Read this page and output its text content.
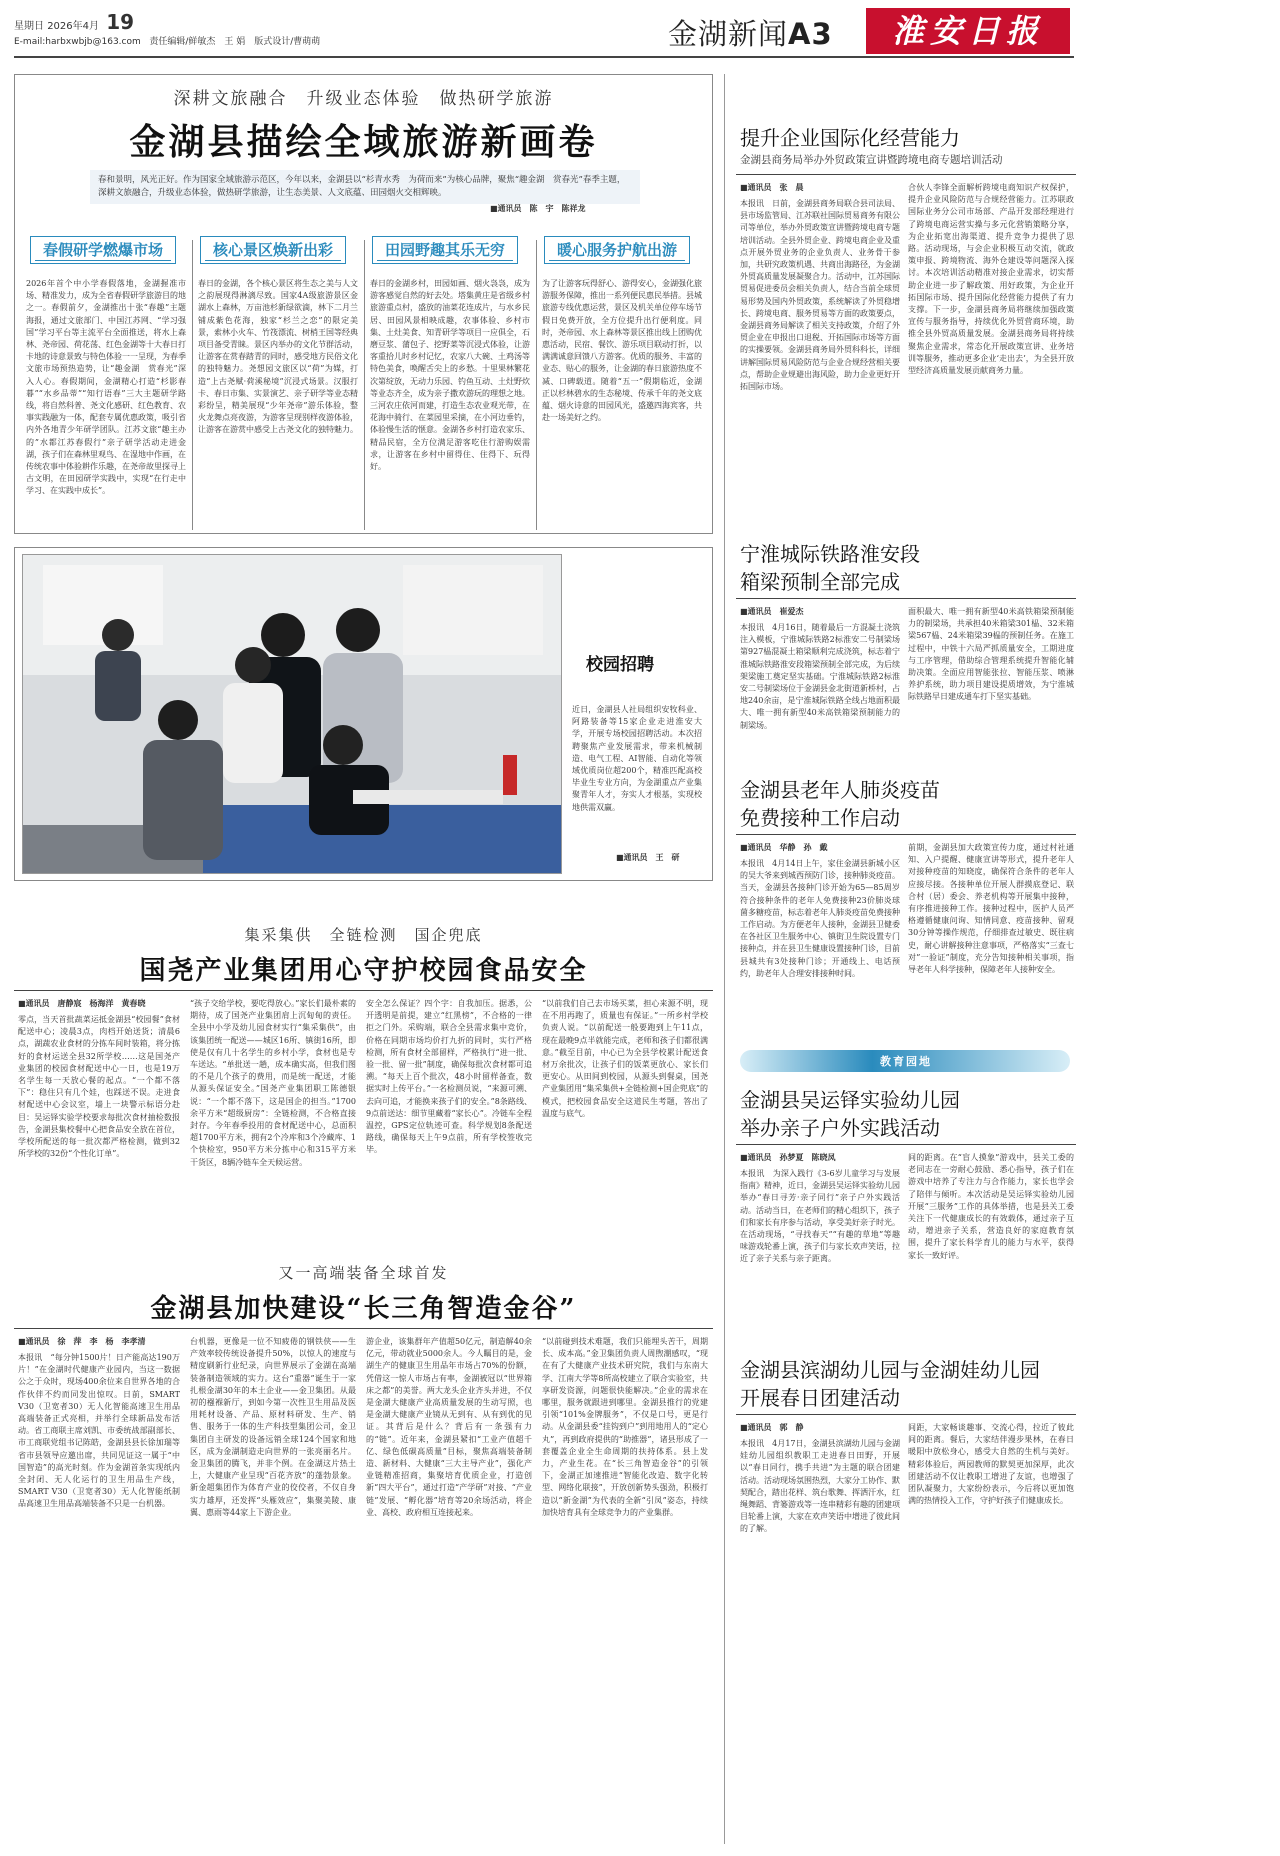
星期日 2026年4月 19
E-mail:harbxwbjb@163.com 责任编辑/鲜敏杰　王 娟　版式设计/曹萌萌	金湖新闻A3	淮安日报
深耕文旅融合　升级业态体验　做热研学旅游
金湖县描绘全域旅游新画卷
春和景明，风光正好。作为国家全域旅游示范区，今年以来，金湖县以“杉青水秀　为荷而来”为核心品牌，聚焦“趣金湖　赏春光”春季主题，深耕文旅融合，升级业态体验，做热研学旅游，让生态美景、人文底蕴、田园烟火交相辉映。
■通讯员　陈　宇　陈祥龙
春假研学燃爆市场	核心景区焕新出彩	田园野趣其乐无穷	暖心服务护航出游
2026年首个中小学春假落地，金湖握准市场、精准发力，成为全省春假研学旅游目的地之一。春假前夕，金湖推出十张“春趣”主题海报，通过文旅部门、中国江苏网、“学习强国”学习平台等主流平台全面推送，将水上森林、尧帝园、荷花荡、红色金湖等十大春日打卡地的诗意景致与特色体验一一呈现，为春季文旅市场预热造势，让“趣金湖　赏春光”深入人心。春假期间，金湖精心打造“杉影春暮”“水乡品蒂”“知行语春”三大主题研学路线，将自然科普、尧文化感研、红色教育、农事实践融为一体，配套专属优惠政策，吸引省内外各地青少年研学团队。江苏文旅“趣主办的”水都江苏春假行”亲子研学活动走进金湖，孩子们在森林里观鸟、在湿地中作画，在传统农事中体验耕作乐趣，在尧帝故里探寻上古文明，在田园研学实践中，实现“在行走中学习、在实践中成长”。
春日的金湖，各个核心景区将生态之美与人文之韵展现得淋漓尽致。国家4A级旅游景区金湖水上森林，万亩池杉新绿欲滴，林下二月兰铺成紫色花海，独家“杉兰之恋”的限定美景，索林小火车、竹筏漂流、树梢王国等经典项目备受青睐。景区内举办的文化节群活动，让游客在赏春踏青的同时，感受地方民俗文化的独特魅力。尧想园文旅区以“荷”为媒，打造“上古尧赋·荷溪秘境”沉浸式场景。汉服打卡、春日市集、实景演艺、亲子研学等业态精彩纷呈，精美展现“少年尧帝”游乐体验，整火龙舞点亮夜游，为游客呈现别样夜游体验，让游客在游赏中感受上古尧文化的独特魅力。
春日的金湖乡村，田园如画、烟火袅袅，成为游客感觉自然的好去处。塔集黄庄是省级乡村旅游重点村，盛放的油菜花连成片，与水乡民居、田园风景相映成趣，农事体验、乡村市集、土灶美食、知青研学等项目一应俱全，石磨豆浆、蒲包子、挖野菜等沉浸式体验，让游客重拾儿时乡村记忆，农家八大碗、土鸡汤等特色美食，唤醒舌尖上的乡愁。十里果林繁花次第绽放，无动力乐园、钓鱼互动、土灶野炊等业态齐全，成为亲子撒欢游玩的理想之地。三河农庄依河而建，打造生态农业观光带，在花海中骑行、在菜园里采摘，在小河边垂钓，体验慢生活的惬意。金湖各乡村打造农家乐、精品民宿，全方位满足游客吃住行游购娱需求，让游客在乡村中留得住、住得下、玩得好。
为了让游客玩得舒心、游得安心，金湖强化旅游服务保障，推出一系列便民惠民举措。县城旅游专线优惠运营，景区及机关单位停车场节假日免费开放，全方位提升出行便利度。同时，尧帝园、水上森林等景区推出线上团购优惠活动，民宿、餐饮、游乐项目联动打折，以满满诚意回馈八方游客。优质的服务、丰富的业态、贴心的服务，让金湖的春日旅游热度不减、口碑载道。随着“五一”假期临近，金湖正以杉林碧水的生态秘境、传承千年的尧文底蕴、烟火诗意的田园风光，盛邀四海宾客，共赴一场美好之约。
校园招聘
近日，金湖县人社局组织安牧科业、阿路装备等15家企业走进淮安大学，开展专场校园招聘活动。本次招聘聚焦产业发展需求，带来机械制造、电气工程、AI智能、自动化等领域优质岗位超200个，精准匹配高校毕业生专业方向，为金湖重点产业集聚青年人才，夯实人才根基，实现校地供需双赢。
■通讯员　王　研
集采集供　全链检测　国企兜底
国尧产业集团用心守护校园食品安全
■通讯员　唐静宸　杨海洋　黄春晓
零点，当天首批蔬菜运抵金湖县“校园餐”食材配送中心；凌晨3点，肉档开始送货；清晨6点，湖蔬农业食材的分拣车间时装箱，将分拣好的食材运送全县32所学校……这是国尧产业集团的校园食材配送中心一日，也是19万名学生每一天放心餐的起点。“一个都不落下”：稳住只有几个娃，也踩送不误。走进食材配送中心会议室，墙上一块警示标语分赴目：吴运铎实验学校要求每批次食材抽检数报告，金湖县集校餐中心把食品安全放在首位，学校所配送的每一批次都严格检测，做到32所学校的32份“个性化订单”。
“孩子交给学校，要吃得放心。”家长们最朴素的期待，成了国尧产业集团肩上沉甸甸的责任。全县中小学及幼儿园食材实行“集采集供”，由该集团统一配送——城区16所、镇街16所，即使是仅有几十名学生的乡村小学，食材也是专车送达。“单批送一趟，成本确实高，但我们图的不是几个孩子的费用，而是统一配送，才能从源头保证安全。”国尧产业集团职工陈德银说：“一个都不落下，这是国企的担当。”1700余平方米“超级厨房”：全链检测，不合格直接封存。今年春季投用的食材配送中心，总面积超1700平方米，拥有2个冷库和3个冷藏库、1个快检室，950平方米分拣中心和315平方米干货区，8辆冷链车全天候运营。
安全怎么保证？四个字：自我加压。据悉，公开透明是前提，建立“红黑榜”，不合格的一律拒之门外。采购端，联合全县需求集中竞价，价格在同期市场均价打九折的同时，实行严格检测，所有食材全部留样，严格执行“进一批、验一批、留一批”制度，确保每批次食材都可追溯。“每天上百个批次，48小时留样备查，数据实时上传平台。”一名检测员说，“来源可溯、去向可追，才能换来孩子们的安全。”8条路线、9点前送达：细节里藏着“家长心”。冷链车全程温控，GPS定位轨迹可查。科学规划8条配送路线，确保每天上午9点前，所有学校签收完毕。
“以前我们自己去市场买菜，担心来源不明，现在不用再跑了，质量也有保证。”一所乡村学校负责人说。“以前配送一般要跑到上午11点，现在最晚9点半就能完成，老师和孩子们都很满意。”截至目前，中心已为全县学校累计配送食材万余批次，让孩子们的饭菜更放心、家长们更安心。从田间到校园，从源头到餐桌，国尧产业集团用“集采集供+全链检测+国企兜底”的模式，把校园食品安全这道民生考题，答出了温度与底气。
又一高端装备全球首发
金湖县加快建设“长三角智造金谷”
■通讯员　徐　萍　李　杨　李孝清
本报讯　“每分钟1500片！日产能高达190万片！”在金湖时代健康产业园内，当这一数据公之于众时，现场400余位来自世界各地的合作伙伴不约而同发出惊叹。日前，SMART V30（卫宽者30）无人化智能高速卫生用品高端装备正式亮相，并举行全球新品发布活动。省工商联主席刘凯、市委统战部副部长、市工商联党组书记陈皓，金湖县县长徐加瑞等省市县领导应邀出席，共同见证这一属于“中国智造”的高光时刻。作为金湖首条实现纸内全封闭、无人化运行的卫生用品生产线，SMART V30（卫宽者30）无人化智能纸制品高速卫生用品高端装备不只是一台机器。
台机器，更像是一位不知疲倦的钢铁侠——生产效率较传统设备提升50%，以惊人的速度与精度刷新行业纪录，向世界展示了金湖在高端装备制造领域的实力。这台“重器”诞生于一家扎根金湖30年的本土企业——金卫集团。从最初的襁褓新厅，到如今第一次性卫生用品及医用耗材设备、产品、原材料研发、生产、销售、服务于一体的生产科技型集团公司，金卫集团自主研发的设备远销全球124个国家和地区，成为金湖制造走向世界的一张亮丽名片。金卫集团的腾飞，并非个例。在金湖这片热土上，大健康产业呈现“百花齐放”的蓬勃景象。新金超集团作为体育产业的佼佼者，不仅自身实力雄厚，还发挥“头雁效应”，集聚美陵、康翼、惠雨等44家上下游企业。
游企业，该集群年产值超50亿元，制造解40余亿元，带动就业5000余人。今人瞩目的是，金湖生产的健康卫生用品年市场占70%的份额，凭借这一惊人市场占有率，金湖被冠以“世界箱床之都”的美誉。两大龙头企业齐头并进，不仅是金湖大健康产业高质量发展的生动写照，也是金湖大健康产业镜从无到有、从有到优的见证。其背后是什么？背后有一条强有力的“链”。近年来，金湖县紧扣“工业产值超千亿、绿色低碳高质量”目标，聚焦高端装备制造、新材料、大健康“三大主导产业”，强化产业链精准招商，集聚培育优质企业，打造创新“四大平台”，通过打造“产学研”对接、“产业链”发展、“孵化器”培育等20余场活动，将企业、高校、政府相互连接起来。
“以前碰到技术难题，我们只能埋头苦干，周期长、成本高。”金卫集团负责人周煦潮感叹，“现在有了大健康产业技术研究院，我们与东南大学、江南大学等8所高校建立了联合实验室，共享研发资源，问题很快能解决。”企业的需求在哪里，服务就跟进到哪里。金湖县推行的党建引领“101%金牌服务”，不仅是口号，更是行动。从金湖县委“挂钩到户”到用地用人的“定心丸”，再到政府提供的“助推器”，诸县形成了一套覆盖企业全生命周期的扶持体系。县上发力，产业生花。在“长三角智造金谷”的引领下，金湖正加速推进“智能化改造、数字化转型、网络化联接”，开放创新势头强劲，积极打造以“新金湖”为代表的全新“引凤”姿态，持续加快培育具有全球竞争力的产业集群。
提升企业国际化经营能力
金湖县商务局举办外贸政策宣讲暨跨境电商专题培训活动
■通讯员　张　晨
本报讯　日前，金湖县商务局联合县司法局、县市场监管局、江苏联社国际贸易商务有限公司等单位，举办外贸政策宣讲暨跨境电商专题培训活动。全县外贸企业、跨境电商企业及重点开展外贸业务的企业负责人、业务骨干参加，共研究政策机遇、共商出海路径，为金湖外贸高质量发展凝聚合力。活动中，江苏国际贸易促进委员会相关负责人，结合当前全球贸易形势及国内外贸政策，系统解读了外贸稳增长、跨境电商、服务贸易等方面的政策要点，金湖县商务局解读了相关支持政策，介绍了外贸企业在申报出口退税、开拓国际市场等方面的实操要领。金湖县商务局外贸科科长，详细讲解国际贸易风险防范与企业合规经营相关要点，帮助企业规避出海风险，助力企业更好开拓国际市场。
合伙人李锋全面解析跨境电商知识产权保护，提升企业风险防范与合规经营能力。江苏联政国际业务分公司市场部、产品开发部经理进行了跨境电商运营实操与多元化营销策略分享，为企业拓宽出海渠道、提升竞争力提供了思路。活动现场，与会企业积极互动交流，就政策申报、跨境物流、海外仓建设等问题深入探讨。本次培训活动精准对接企业需求，切实帮助企业进一步了解政策、用好政策，为企业开拓国际市场、提升国际化经营能力提供了有力支撑。下一步，金湖县商务局将继续加强政策宣传与服务指导，持续优化外贸营商环境，助推全县外贸高质量发展。金湖县商务局将持续聚焦企业需求，常态化开展政策宣讲、业务培训等服务，推动更多企业‘走出去’，为全县开放型经济高质量发展贡献商务力量。
宁淮城际铁路淮安段
箱梁预制全部完成
■通讯员　崔爱杰
本报讯　4月16日，随着最后一方混凝土浇筑注入模板，宁淮城际铁路2标淮安二号制梁场第927榀混凝土箱梁顺利完成浇筑，标志着宁淮城际铁路淮安段箱梁预制全部完成，为后续架梁施工奠定坚实基础。宁淮城际铁路2标淮安二号制梁场位于金湖县金北街道新桥村，占地240余亩，是宁淮城际铁路全线占地面积最大、唯一拥有新型40米高铁箱梁预制能力的制梁场。
面积最大、唯一拥有新型40米高铁箱梁预制能力的制梁场，共承担40米箱梁301榀、32米箱梁567榀、24米箱梁39榀的预制任务。在施工过程中，中铁十六局严抓质量安全，工期进度与工序管理，借助综合管理系统提升智能化辅助决策。全面应用智能张拉、智能压浆、喷淋养护系统，助力项目建设提质增效，为宁淮城际铁路早日建成通车打下坚实基础。
金湖县老年人肺炎疫苗
免费接种工作启动
■通讯员　华静　孙　戴
本报讯　4月14日上午，家住金湖县新城小区的吴大爷来到城西预防门诊，接种肺炎疫苗。当天，金湖县各接种门诊开始为65—85周岁符合接种条件的老年人免费接种23价肺炎球菌多糖疫苗，标志着老年人肺炎疫苗免费接种工作启动。为方便老年人接种，金湖县卫健委在各社区卫生服务中心、镇街卫生院设置专门接种点，并在县卫生健康设置接种门诊，目前县城共有3处接种门诊；开通线上、电话预约，助老年人合理安排接种时间。
前期，金湖县加大政策宣传力度，通过村社通知、入户提醒、健康宣讲等形式，提升老年人对接种疫苗的知晓度，确保符合条件的老年人应接尽接。各接种单位开展人群摸底登记、联合村（居）委会、养老机构等开展集中接种，有序推进接种工作。接种过程中，医护人员严格遵循健康问询、知情同意、疫苗接种、留观30分钟等操作规范，仔细排查过敏史、既往病史，耐心讲解接种注意事项，严格落实“三查七对”一验证”制度，充分告知接种相关事项，指导老年人科学接种，保障老年人接种安全。
教育园地
金湖县吴运铎实验幼儿园
举办亲子户外实践活动
■通讯员　孙梦夏　陈晓凤
本报讯　为深入践行《3-6岁儿童学习与发展指南》精神，近日，金湖县吴运铎实验幼儿园举办“春日寻芳·亲子同行”亲子户外实践活动。活动当日，在老师们的精心组织下，孩子们和家长有序参与活动，享受美好亲子时光。在活动现场，“寻找春天”“有趣的草地”等趣味游戏轮番上演，孩子们与家长欢声笑语，拉近了亲子关系与亲子距离。
间的距离。在“盲人摸象”游戏中，县关工委的老同志在一旁耐心鼓励、悉心指导，孩子们在游戏中培养了专注力与合作能力，家长也学会了陪伴与倾听。本次活动是吴运铎实验幼儿园开展“三服务”工作的具体举措，也是县关工委关注下一代健康成长的有效载体，通过亲子互动，增进亲子关系，营造良好的家庭教育氛围，提升了家长科学育儿的能力与水平，获得家长一致好评。
金湖县滨湖幼儿园与金湖娃幼儿园
开展春日团建活动
■通讯员　郭　静
本报讯　4月17日，金湖县滨湖幼儿园与金湖娃幼儿园组织教职工走进春日田野，开展以“春日同行，携手共进”为主题的联合团建活动。活动现场氛围热烈，大家分工协作、默契配合，踏出花样、筑台歌舞、挥洒汗水，红绳舞蹈、背篓游戏等一连串精彩有趣的团建项目轮番上演，大家在欢声笑语中增进了彼此间的了解。
间距，大家畅谈趣事、交流心得，拉近了彼此间的距离。餐后，大家结伴漫步果林，在春日暖阳中放松身心，感受大自然的生机与美好。精彩体验后，两园教师的默契更加深厚，此次团建活动不仅让教职工增进了友谊，也增强了团队凝聚力，大家纷纷表示，今后将以更加饱满的热情投入工作，守护好孩子们健康成长。
